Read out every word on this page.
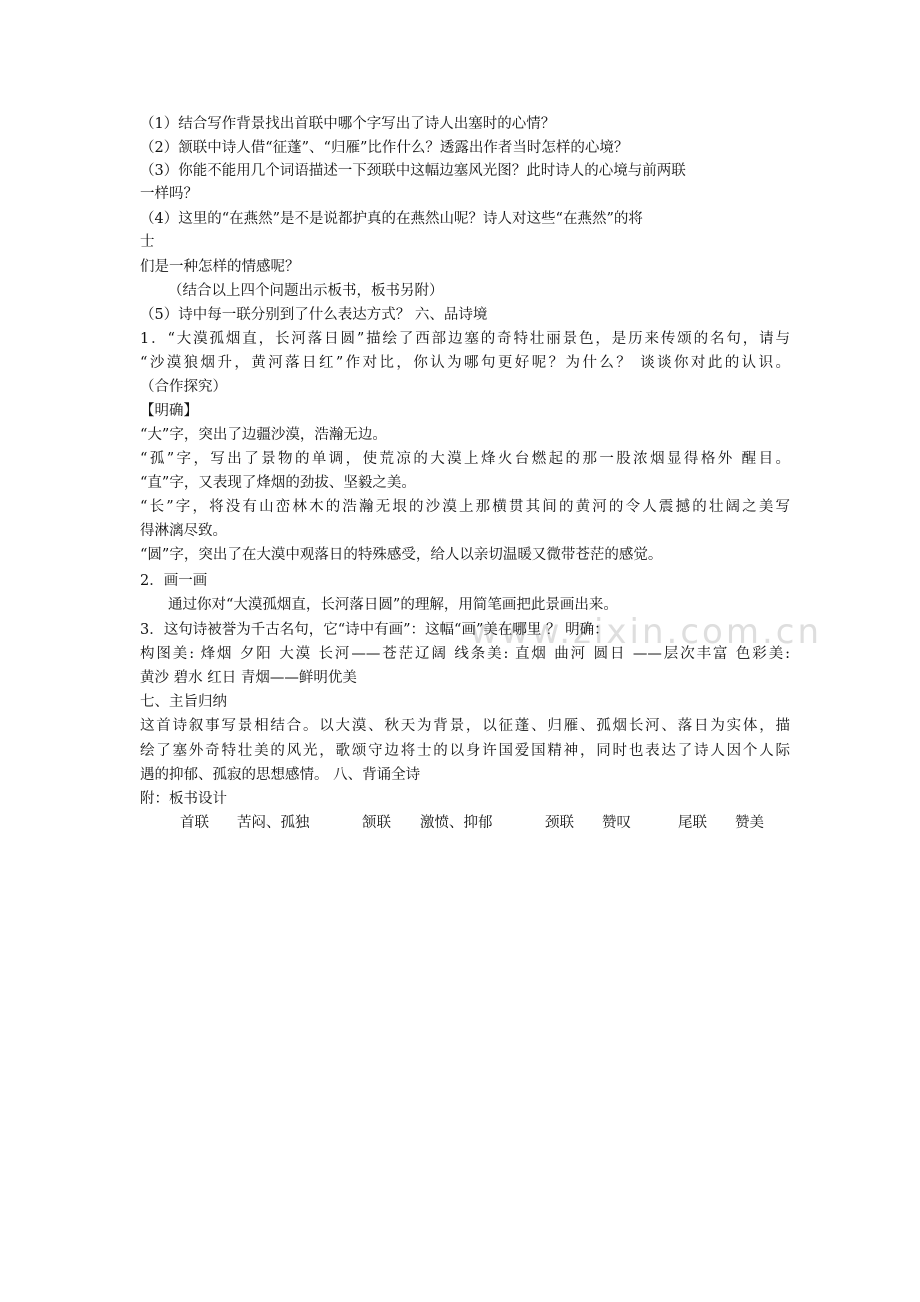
www.zixin.com.cn
（1）结合写作背景找出首联中哪个字写出了诗人出塞时的心情？
（2）颔联中诗人借“征蓬”、“归雁”比作什么？透露出作者当时怎样的心境？
（3）你能不能用几个词语描述一下颈联中这幅边塞风光图？此时诗人的心境与前两联
一样吗？
（4）这里的“在燕然”是不是说都护真的在燕然山呢？诗人对这些“在燕然”的将
士
们是一种怎样的情感呢？
（结合以上四个问题出示板书，板书另附）
（5）诗中每一联分别到了什么表达方式？ 六、品诗境
1．“大漠孤烟直，长河落日圆”描绘了西部边塞的奇特壮丽景色，是历来传颂的名句，请与
“沙漠狼烟升，黄河落日红”作对比，你认为哪句更好呢？为什么？ 谈谈你对此的认识。
（合作探究）
【明确】
“大”字，突出了边疆沙漠，浩瀚无边。
“孤”字，写出了景物的单调，使荒凉的大漠上烽火台燃起的那一股浓烟显得格外 醒目。
“直”字，又表现了烽烟的劲拔、坚毅之美。
“长”字，将没有山峦林木的浩瀚无垠的沙漠上那横贯其间的黄河的令人震撼的壮阔之美写
得淋漓尽致。
“圆”字，突出了在大漠中观落日的特殊感受，给人以亲切温暖又微带苍茫的感觉。
2．画一画
通过你对“大漠孤烟直，长河落日圆”的理解，用简笔画把此景画出来。
3．这句诗被誉为千古名句，它“诗中有画”：这幅“画”美在哪里 ？ 明确：
构图美: 烽烟 夕阳 大漠 长河——苍茫辽阔 线条美: 直烟 曲河 圆日 ——层次丰富 色彩美:
黄沙 碧水 红日 青烟——鲜明优美
七、主旨归纳
这首诗叙事写景相结合。以大漠、秋天为背景，以征蓬、归雁、孤烟长河、落日为实体，描
绘了塞外奇特壮美的风光，歌颂守边将士的以身许国爱国精神，同时也表达了诗人因个人际
遇的抑郁、孤寂的思想感情。 八、背诵全诗
附：板书设计
首联 苦闷、孤独	颔联 激愤、抑郁	颈联 赞叹	尾联 赞美
